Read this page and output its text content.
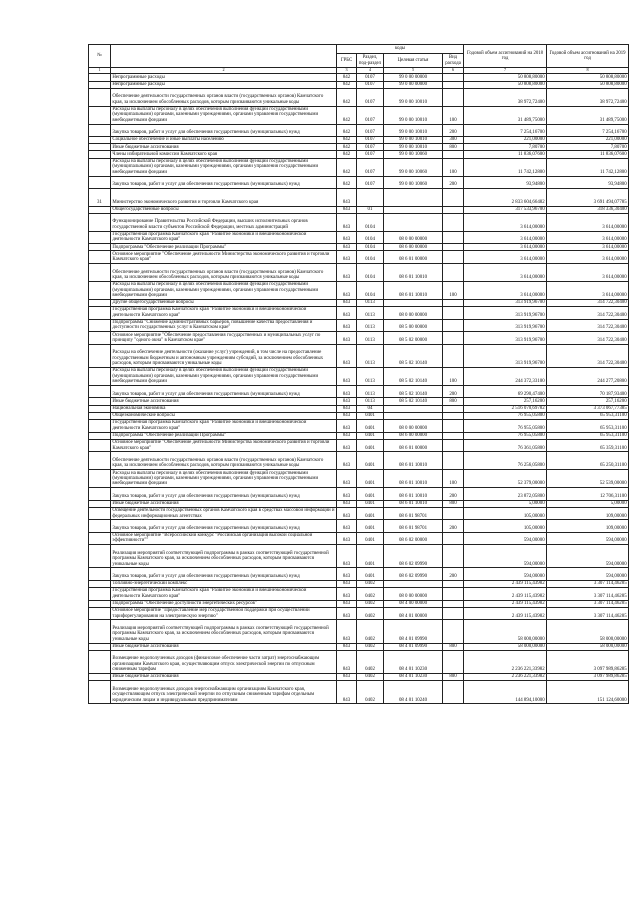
№		коды				Годовой объем ассигнований на 2018 год	Годовой объем ассигнований на 2019 год
		ГРБС	Раздел, под-раздел	Целевая статья	Вид расхода		
1	2	3	4	5	6	7	8
	Непрограммные расходы	842	0107	99 0 00 00000		50 808,80000	50 808,80000
	Непрограммные расходы	842	0107	99 0 00 00000		50 808,80000	50 808,80000
	Обеспечение деятельности государственных органов власти (государственных органов) Камчатского края, за исключением обособленных расходов, которым присваиваются уникальные коды	842	0107	99 0 00 10010		38 972,72400	38 972,72400
	Расходы на выплаты персоналу в целях обеспечения выполнения функций государственными (муниципальными) органами, казенными учреждениями, органами управления государственными внебюджетными фондами	842	0107	99 0 00 10010	100	31 489,75000	31 489,75000
	Закупка товаров, работ и услуг для обеспечения государственных (муниципальных) нужд	842	0107	99 0 00 10010	200	7 254,16700	7 254,16700
	Социальное обеспечение и иные выплаты населению	842	0107	99 0 00 10010	300	221,00000	221,00000
	Иные бюджетные ассигнования	842	0107	99 0 00 10010	800	7,80700	7,80700
	Члены избирательной комиссии Камчатского края	842	0107	99 0 00 10060		11 836,07600	11 836,07600
	Расходы на выплаты персоналу в целях обеспечения выполнения функций государственными (муниципальными) органами, казенными учреждениями, органами управления государственными внебюджетными фондами	842	0107	99 0 00 10060	100	11 742,12800	11 742,12800
	Закупка товаров, работ и услуг для обеспечения государственных (муниципальных) нужд	842	0107	99 0 00 10060	200	93,94800	93,94800
31	Министерство экономического развития и торговли Камчатского края	843				2 833 604,66482	3 691 494,07785
	Общегосударственные вопросы	843	01			317 533,96700	318 336,30400
	Функционирование Правительства Российской Федерации, высших исполнительных органов государственной власти субъектов Российской Федерации, местных администраций	843	0104			3 614,00000	3 614,00000
	Государственная программа Камчатского края "Развитие экономики и внешнеэкономической деятельности Камчатского края"	843	0104	08 0 00 00000		3 614,00000	3 614,00000
	Подпрограмма "Обеспечение реализации Программы"	843	0104	08 6 00 00000		3 614,00000	3 614,00000
	Основное мероприятие "Обеспечение деятельности Министерства экономического развития и торговли Камчатского края"	843	0104	08 6 01 00000		3 614,00000	3 614,00000
	Обеспечение деятельности государственных органов власти (государственных органов) Камчатского края, за исключением обособленных расходов, которым присваиваются уникальные коды	843	0104	08 6 01 10010		3 614,00000	3 614,00000
	Расходы на выплаты персоналу в целях обеспечения выполнения функций государственными (муниципальными) органами, казенными учреждениями, органами управления государственными внебюджетными фондами	843	0104	08 6 01 10010	100	3 614,00000	3 614,00000
	Другие общегосударственные вопросы	843	0113			313 919,96700	314 722,30400
	Государственная программа Камчатского края "Развитие экономики и внешнеэкономической деятельности Камчатского края"	843	0113	08 0 00 00000		313 919,96700	314 722,30400
	Подпрограмма "Снижение административных барьеров, повышение качества предоставления и доступности государственных услуг в Камчатском крае"	843	0113	08 5 00 00000		313 919,96700	314 722,30400
	Основное мероприятие "Обеспечение предоставления государственных и муниципальных услуг по принципу "одного окна" в Камчатском крае"	843	0113	08 5 02 00000		313 919,96700	314 722,30400
	Расходы на обеспечение деятельности (оказание услуг) учреждений, в том числе на предоставление государственным бюджетным и автономным учреждениям субсидий, за исключением обособленных расходов, которым присваиваются уникальные коды	843	0113	08 5 02 10140		313 919,96700	314 722,30400
	Расходы на выплаты персоналу в целях обеспечения выполнения функций государственными (муниципальными) органами, казенными учреждениями, органами управления государственными внебюджетными фондами	843	0113	08 5 02 10140	100	244 372,33100	244 277,20800
	Закупка товаров, работ и услуг для обеспечения государственных (муниципальных) нужд	843	0113	08 5 02 10140	200	69 290,47400	70 187,93400
	Иные бюджетные ассигнования	843	0113	08 5 02 10140	800	257,16200	257,16200
	Национальная экономика	843	04			2 516 070,69782	3 373 067,77385
	Общеэкономические вопросы	843	0401			76 955,05800	65 953,31100
	Государственная программа Камчатского края "Развитие экономики и внешнеэкономической деятельности Камчатского края"	843	0401	08 0 00 00000		76 955,05800	65 953,31100
	Подпрограмма "Обеспечение реализации Программы"	843	0401	08 6 00 00000		76 955,05800	65 953,31100
	Основное мероприятие "Обеспечение деятельности Министерства экономического развития и торговли Камчатского края"	843	0401	08 6 01 00000		76 361,05800	65 359,31100
	Обеспечение деятельности государственных органов власти (государственных органов) Камчатского края, за исключением обособленных расходов, которым присваиваются уникальные коды	843	0401	08 6 01 10010		76 256,05800	65 250,31100
	Расходы на выплаты персоналу в целях обеспечения выполнения функций государственными (муниципальными) органами, казенными учреждениями, органами управления государственными внебюджетными фондами	843	0401	08 6 01 10010	100	52 379,00000	52 539,00000
	Закупка товаров, работ и услуг для обеспечения государственных (муниципальных) нужд	843	0401	08 6 01 10010	200	23 872,05800	12 706,31100
	Иные бюджетные ассигнования	843	0401	08 6 01 10010	800	5,00000	5,00000
	Освещение деятельности государственных органов Камчатского края в средствах массовой информации и федеральных информационных агентствах	843	0401	08 6 01 98701		105,00000	109,00000
	Закупка товаров, работ и услуг для обеспечения государственных (муниципальных) нужд	843	0401	08 6 01 98701	200	105,00000	109,00000
	Основное мероприятие "Всероссийский конкурс "Российская организация высокой социальной эффективности""	843	0401	08 6 02 00000		594,00000	594,00000
	Реализация мероприятий соответствующей подпрограммы в рамках соответствующей государственной программы Камчатского края, за исключением обособленных расходов, которым присваиваются уникальные коды	843	0401	08 6 02 09990		594,00000	594,00000
	Закупка товаров, работ и услуг для обеспечения государственных (муниципальных) нужд	843	0401	08 6 02 09990	200	594,00000	594,00000
	Топливно-энергетический комплекс	843	0402			2 439 115,43982	3 307 114,46285
	Государственная программа Камчатского края "Развитие экономики и внешнеэкономической деятельности Камчатского края"	843	0402	08 0 00 00000		2 439 115,43982	3 307 114,46285
	Подпрограмма "Обеспечение доступности энергетических ресурсов"	843	0402	08 4 00 00000		2 439 115,43982	3 307 114,46285
	Основное мероприятие "Предоставление мер государственной поддержки при осуществлении тарифорегулирования на электрическую энергию"	843	0402	08 4 01 00000		2 439 115,43982	3 307 114,46285
	Реализация мероприятий соответствующей подпрограммы в рамках соответствующей государственной программы Камчатского края, за исключением обособленных расходов, которым присваиваются уникальные коды	843	0402	08 4 01 09990		58 000,00000	58 000,00000
	Иные бюджетные ассигнования	843	0402	08 4 01 09990	800	58 000,00000	58 000,00000
	Возмещение недополученных доходов (финансовое обеспечение части затрат) энергоснабжающим организациям Камчатского края, осуществляющим отпуск электрической энергии по отпускным сниженным тарифам	843	0402	08 4 01 10230		2 236 221,33982	3 097 989,86285
	Иные бюджетные ассигнования	843	0402	08 4 01 10230	800	2 236 221,33982	3 097 989,86285
	Возмещение недополученных доходов энергоснабжающим организациям Камчатского края, осуществляющим отпуск электрической энергии по отпускным сниженным тарифам отдельным юридическим лицам и индивидуальным предпринимателям	843	0402	08 4 01 10240		144 894,10000	151 124,60000
